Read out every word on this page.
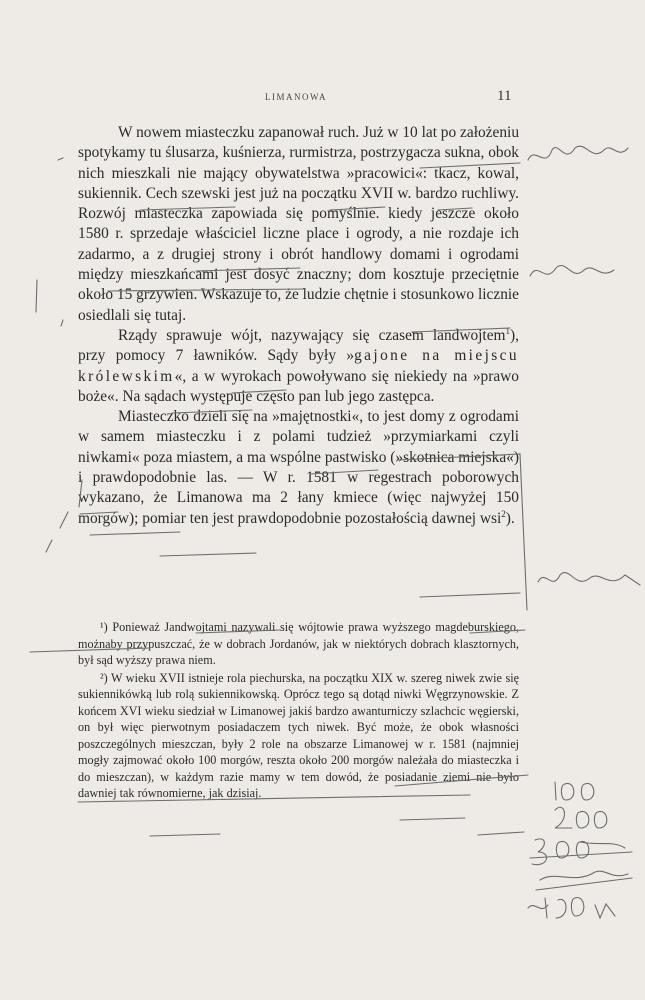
LIMANOWA	11

W nowem miasteczku zapanował ruch. Już w 10 lat po założeniu spotykamy tu ślusarza, kuśnierza, rurmistrza, postrzygacza sukna, obok nich mieszkali nie mający obywatelstwa »pracowici«: tkacz, kowal, sukiennik. Cech szewski jest już na początku XVII w. bardzo ruchliwy. Rozwój miasteczka zapowiada się pomyślnie. kiedy jeszcze około 1580 r. sprzedaje właściciel liczne place i ogrody, a nie rozdaje ich zadarmo, a z drugiej strony i obrót handlowy domami i ogrodami między mieszkańcami jest dosyć znaczny; dom kosztuje przeciętnie około 15 grzywien. Wskazuje to, że ludzie chętnie i stosunkowo licznie osiedlali się tutaj.

Rządy sprawuje wójt, nazywający się czasem landwojtem$^1$), przy pomocy 7 ławników. Sądy były »gajone na miejscu królewskim«, a w wyrokach powoływano się niekiedy na »prawo boże«. Na sądach występuje często pan lub jego zastępca.

Miasteczko dzieli się na »majętnostki«, to jest domy z ogrodami w samem miasteczku i z polami tudzież »przymiarkami czyli niwkami« poza miastem, a ma wspólne pastwisko (»skotnica miejska«) i prawdopodobnie las. — W r. 1581 w regestrach poborowych wykazano, że Limanowa ma 2 łany kmiece (więc najwyżej 150 morgów); pomiar ten jest prawdopodobnie pozostałością dawnej wsi$^2$).

¹) Ponieważ Jandwojtami nazywali się wójtowie prawa wyższego magdeburskiego, możnaby przypuszczać, że w dobrach Jordanów, jak w niektórych dobrach klasztornych, był sąd wyższy prawa niem.

²) W wieku XVII istnieje rola piechurska, na początku XIX w. szereg niwek zwie się sukiennikówką lub rolą sukiennikowską. Oprócz tego są dotąd niwki Węgrzynowskie. Z końcem XVI wieku siedział w Limanowej jakiś bardzo awanturniczy szlachcic węgierski, on był więc pierwotnym posiadaczem tych niwek. Być może, że obok własności poszczególnych mieszczan, były 2 role na obszarze Limanowej w r. 1581 (najmniej mogły zajmować około 100 morgów, reszta około 200 morgów należała do miasteczka i do mieszczan), w każdym razie mamy w tem dowód, że posiadanie ziemi nie było dawniej tak równomierne, jak dzisiaj.
